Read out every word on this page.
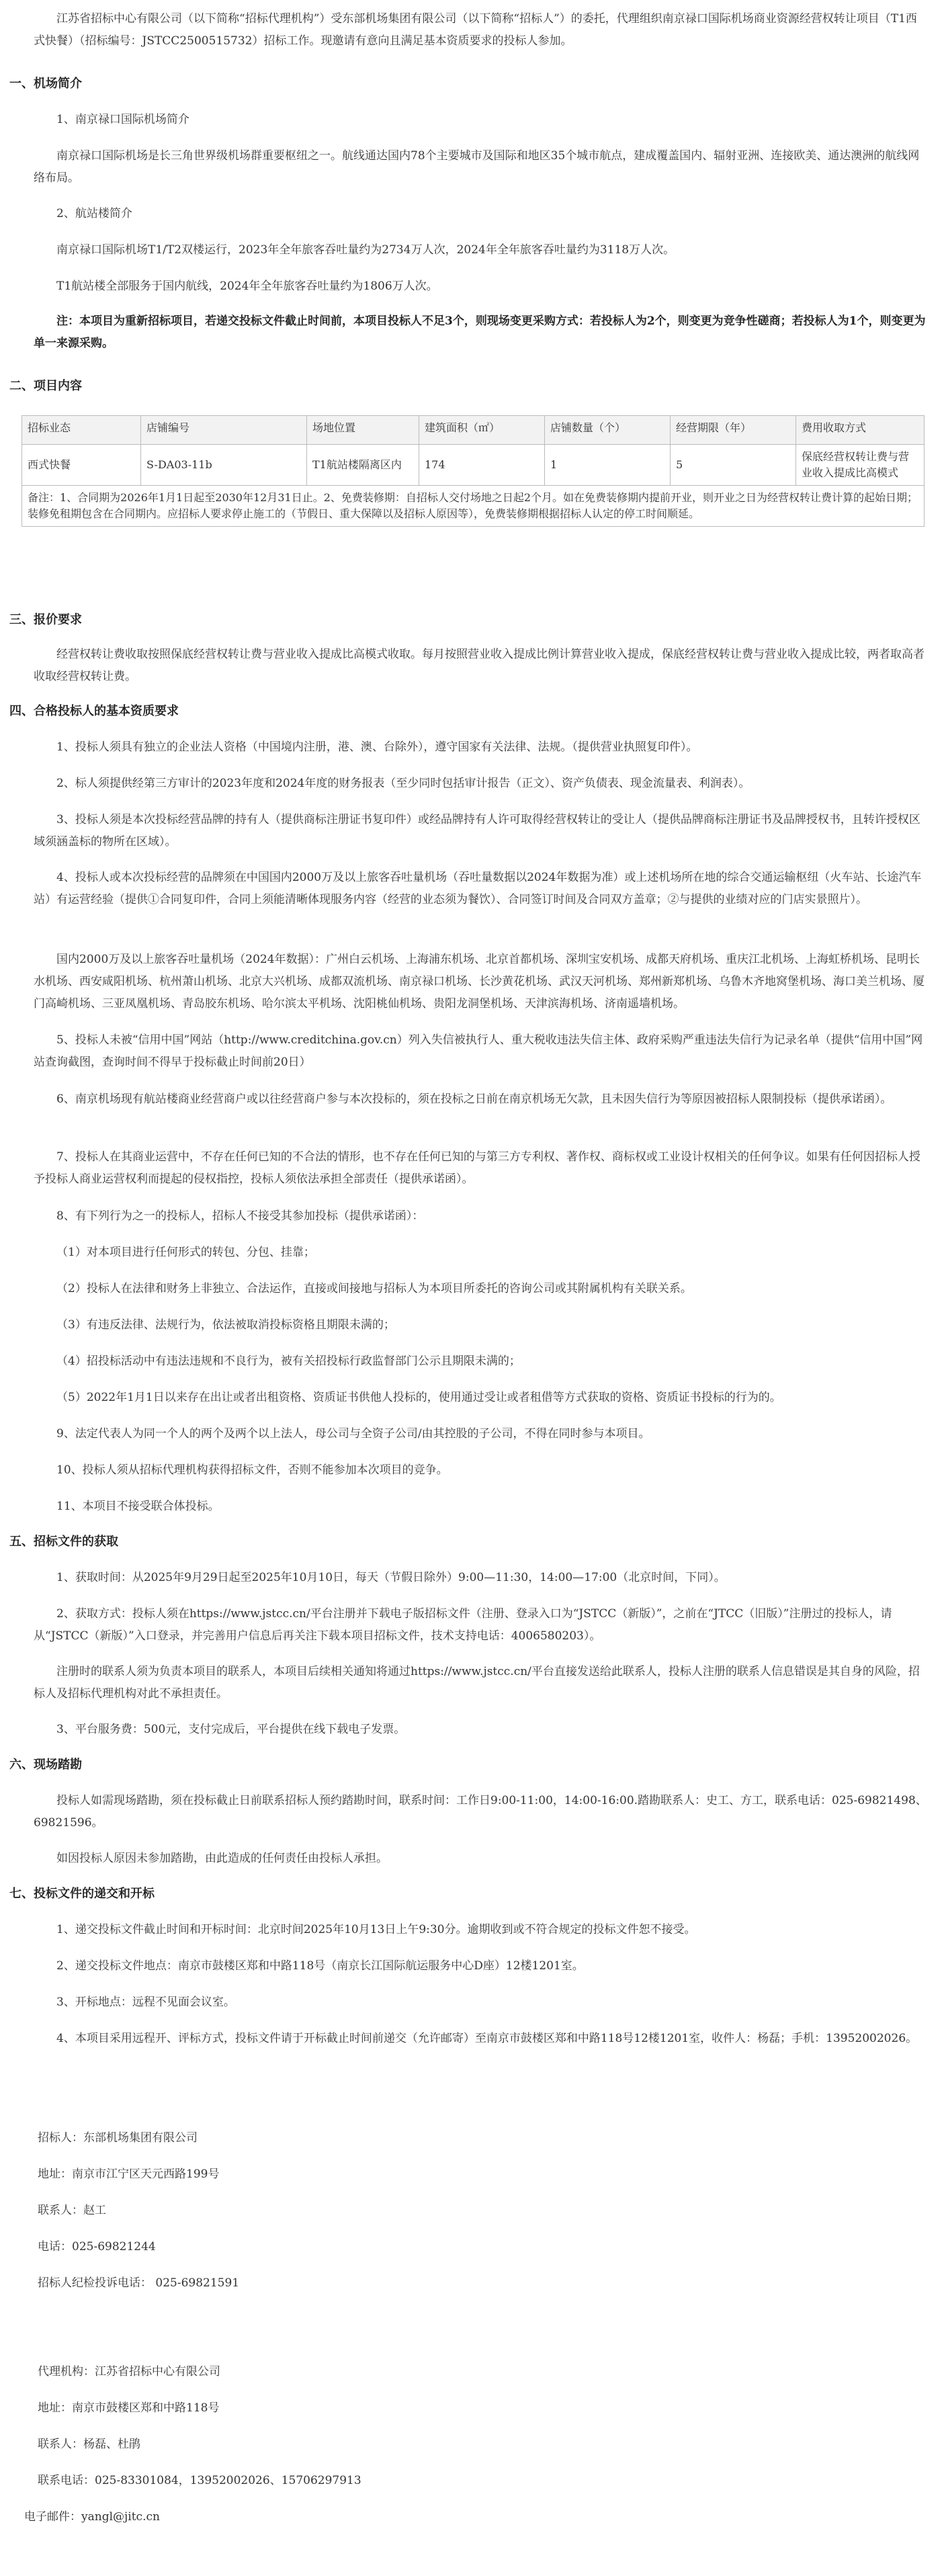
江苏省招标中心有限公司（以下简称“招标代理机构”）受东部机场集团有限公司（以下简称“招标人”）的委托，代理组织南京禄口国际机场商业资源经营权转让项目（T1西式快餐）（招标编号：JSTCC2500515732）招标工作。现邀请有意向且满足基本资质要求的投标人参加。

一、机场简介

1、南京禄口国际机场简介

南京禄口国际机场是长三角世界级机场群重要枢纽之一。航线通达国内78个主要城市及国际和地区35个城市航点，建成覆盖国内、辐射亚洲、连接欧美、通达澳洲的航线网络布局。

2、航站楼简介

南京禄口国际机场T1/T2双楼运行，2023年全年旅客吞吐量约为2734万人次，2024年全年旅客吞吐量约为3118万人次。

T1航站楼全部服务于国内航线，2024年全年旅客吞吐量约为1806万人次。

注：本项目为重新招标项目，若递交投标文件截止时间前，本项目投标人不足3个，则现场变更采购方式：若投标人为2个，则变更为竞争性磋商；若投标人为1个，则变更为单一来源采购。

二、项目内容
招标业态	店铺编号	场地位置	建筑面积（㎡）	店铺数量（个）	经营期限（年）	费用收取方式
西式快餐	S-DA03-11b	T1航站楼隔离区内	174	1	5	保底经营权转让费与营业收入提成比高模式
备注：1、合同期为2026年1月1日起至2030年12月31日止。2、免费装修期：自招标人交付场地之日起2个月。如在免费装修期内提前开业，则开业之日为经营权转让费计算的起始日期；装修免租期包含在合同期内。应招标人要求停止施工的（节假日、重大保障以及招标人原因等），免费装修期根据招标人认定的停工时间顺延。						
三、报价要求

经营权转让费收取按照保底经营权转让费与营业收入提成比高模式收取。每月按照营业收入提成比例计算营业收入提成，保底经营权转让费与营业收入提成比较，两者取高者收取经营权转让费。

四、合格投标人的基本资质要求

1、投标人须具有独立的企业法人资格（中国境内注册，港、澳、台除外），遵守国家有关法律、法规。（提供营业执照复印件）。

2、标人须提供经第三方审计的2023年度和2024年度的财务报表（至少同时包括审计报告（正文）、资产负债表、现金流量表、利润表）。

3、投标人须是本次投标经营品牌的持有人（提供商标注册证书复印件）或经品牌持有人许可取得经营权转让的受让人（提供品牌商标注册证书及品牌授权书，且转许授权区域须涵盖标的物所在区域）。

4、投标人或本次投标经营的品牌须在中国国内2000万及以上旅客吞吐量机场（吞吐量数据以2024年数据为准）或上述机场所在地的综合交通运输枢纽（火车站、长途汽车站）有运营经验（提供①合同复印件，合同上须能清晰体现服务内容（经营的业态须为餐饮）、合同签订时间及合同双方盖章；②与提供的业绩对应的门店实景照片）。

国内2000万及以上旅客吞吐量机场（2024年数据）：广州白云机场、上海浦东机场、北京首都机场、深圳宝安机场、成都天府机场、重庆江北机场、上海虹桥机场、昆明长水机场、西安咸阳机场、杭州萧山机场、北京大兴机场、成都双流机场、南京禄口机场、长沙黄花机场、武汉天河机场、郑州新郑机场、乌鲁木齐地窝堡机场、海口美兰机场、厦门高崎机场、三亚凤凰机场、青岛胶东机场、哈尔滨太平机场、沈阳桃仙机场、贵阳龙洞堡机场、天津滨海机场、济南遥墙机场。

5、投标人未被“信用中国”网站（http://www.creditchina.gov.cn）列入失信被执行人、重大税收违法失信主体、政府采购严重违法失信行为记录名单（提供“信用中国”网站查询截图，查询时间不得早于投标截止时间前20日）

6、南京机场现有航站楼商业经营商户或以往经营商户参与本次投标的，须在投标之日前在南京机场无欠款，且未因失信行为等原因被招标人限制投标（提供承诺函）。

7、投标人在其商业运营中，不存在任何已知的不合法的情形，也不存在任何已知的与第三方专利权、著作权、商标权或工业设计权相关的任何争议。如果有任何因招标人授予投标人商业运营权利而提起的侵权指控，投标人须依法承担全部责任（提供承诺函）。

8、有下列行为之一的投标人，招标人不接受其参加投标（提供承诺函）：

（1）对本项目进行任何形式的转包、分包、挂靠；

（2）投标人在法律和财务上非独立、合法运作，直接或间接地与招标人为本项目所委托的咨询公司或其附属机构有关联关系。

（3）有违反法律、法规行为，依法被取消投标资格且期限未满的；

（4）招投标活动中有违法违规和不良行为，被有关招投标行政监督部门公示且期限未满的；

（5）2022年1月1日以来存在出让或者出租资格、资质证书供他人投标的，使用通过受让或者租借等方式获取的资格、资质证书投标的行为的。

9、法定代表人为同一个人的两个及两个以上法人，母公司与全资子公司/由其控股的子公司，不得在同时参与本项目。

10、投标人须从招标代理机构获得招标文件，否则不能参加本次项目的竞争。

11、本项目不接受联合体投标。

五、招标文件的获取

1、获取时间：从2025年9月29日起至2025年10月10日，每天（节假日除外）9:00—11:30，14:00—17:00（北京时间，下同）。

2、获取方式：投标人须在https://www.jstcc.cn/平台注册并下载电子版招标文件（注册、登录入口为“JSTCC（新版）”，之前在“JTCC（旧版）”注册过的投标人，请从“JSTCC（新版）”入口登录，并完善用户信息后再关注下载本项目招标文件，技术支持电话：4006580203）。

注册时的联系人须为负责本项目的联系人，本项目后续相关通知将通过https://www.jstcc.cn/平台直接发送给此联系人，投标人注册的联系人信息错误是其自身的风险，招标人及招标代理机构对此不承担责任。

3、平台服务费：500元，支付完成后，平台提供在线下载电子发票。

六、现场踏勘

投标人如需现场踏勘，须在投标截止日前联系招标人预约踏勘时间，联系时间：工作日9:00-11:00，14:00-16:00.踏勘联系人：史工、方工，联系电话：025-69821498、69821596。

如因投标人原因未参加踏勘，由此造成的任何责任由投标人承担。

七、投标文件的递交和开标

1、递交投标文件截止时间和开标时间：北京时间2025年10月13日上午9:30分。逾期收到或不符合规定的投标文件恕不接受。

2、递交投标文件地点：南京市鼓楼区郑和中路118号（南京长江国际航运服务中心D座）12楼1201室。

3、开标地点：远程不见面会议室。

4、本项目采用远程开、评标方式，投标文件请于开标截止时间前递交（允许邮寄）至南京市鼓楼区郑和中路118号12楼1201室，收件人：杨磊；手机：13952002026。

招标人：东部机场集团有限公司

地址：南京市江宁区天元西路199号

联系人：赵工

电话：025-69821244

招标人纪检投诉电话： 025-69821591

代理机构：江苏省招标中心有限公司

地址：南京市鼓楼区郑和中路118号

联系人：杨磊、杜鹃

联系电话：025-83301084，13952002026、15706297913

电子邮件：yangl@jitc.cn
